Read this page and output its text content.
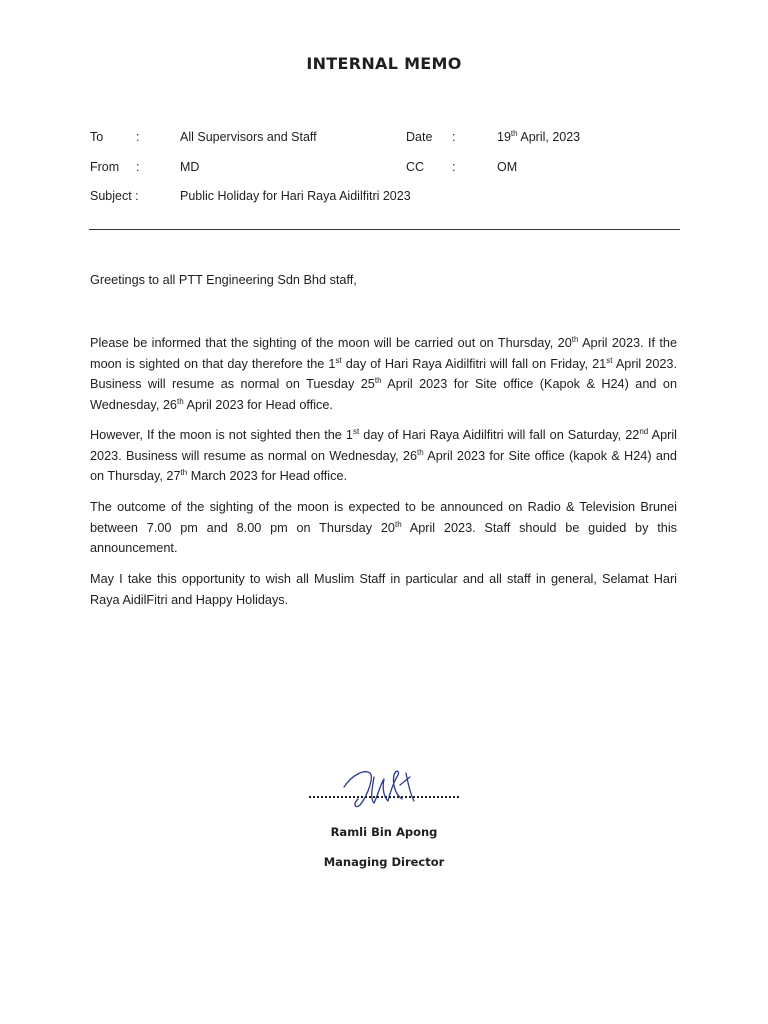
INTERNAL MEMO
To	:	All Supervisors and Staff	Date :	19th April, 2023
From :	MD	CC :	OM
Subject :	Public Holiday for Hari Raya Aidilfitri 2023
Greetings to all PTT Engineering Sdn Bhd staff,

Please be informed that the sighting of the moon will be carried out on Thursday, 20th April 2023. If the moon is sighted on that day therefore the 1st day of Hari Raya Aidilfitri will fall on Friday, 21st April 2023. Business will resume as normal on Tuesday 25th April 2023 for Site office (Kapok & H24) and on Wednesday, 26th April 2023 for Head office.

However, If the moon is not sighted then the 1st day of Hari Raya Aidilfitri will fall on Saturday, 22nd April 2023. Business will resume as normal on Wednesday, 26th April 2023 for Site office (kapok & H24) and on Thursday, 27th March 2023 for Head office.

The outcome of the sighting of the moon is expected to be announced on Radio & Television Brunei between 7.00 pm and 8.00 pm on Thursday 20th April 2023. Staff should be guided by this announcement.

May I take this opportunity to wish all Muslim Staff in particular and all staff in general, Selamat Hari Raya AidilFitri and Happy Holidays.

Ramli Bin Apong
Managing Director
